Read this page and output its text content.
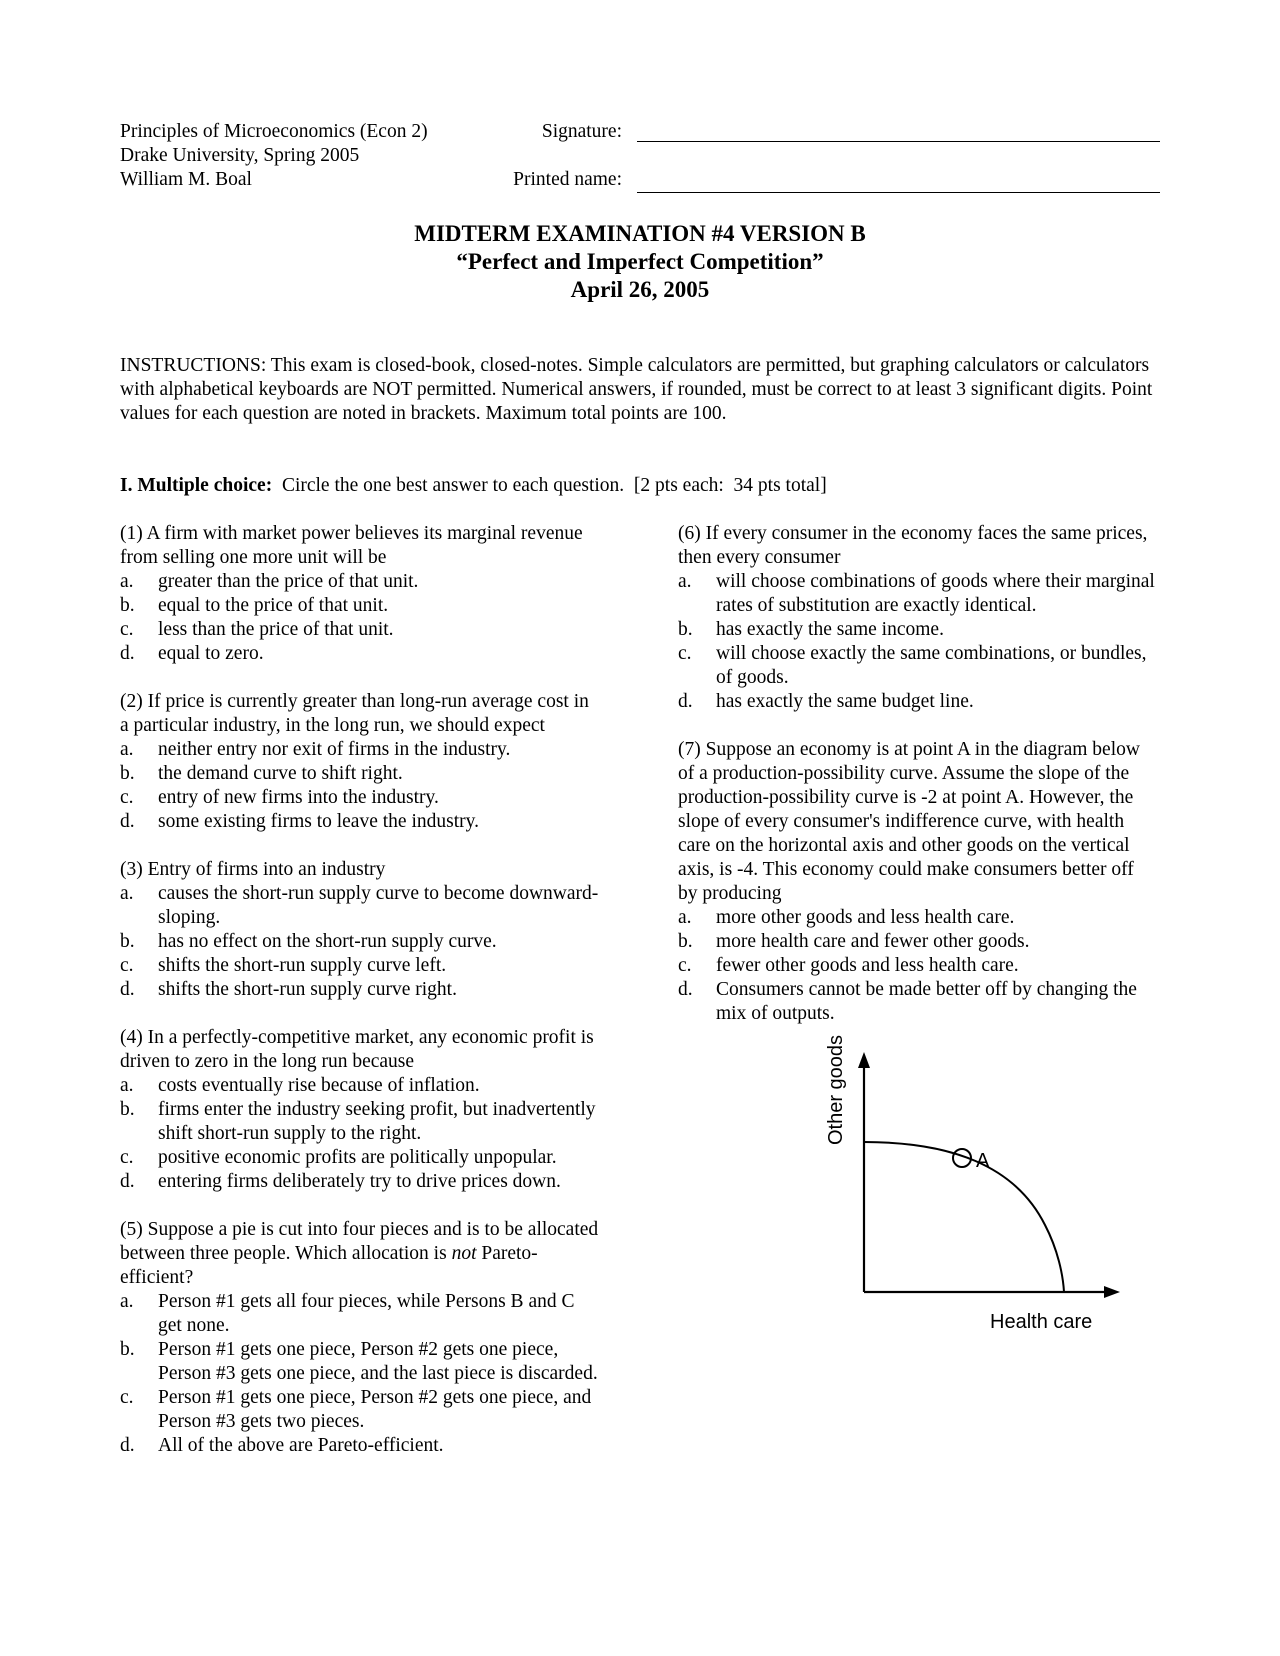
Principles of Microeconomics (Econ 2)
Drake University, Spring 2005
William M. Boal
Signature:
Printed name:
MIDTERM EXAMINATION #4 VERSION B
“Perfect and Imperfect Competition”
April 26, 2005
INSTRUCTIONS: This exam is closed-book, closed-notes. Simple calculators are permitted, but graphing calculators or calculators with alphabetical keyboards are NOT permitted. Numerical answers, if rounded, must be correct to at least 3 significant digits. Point values for each question are noted in brackets. Maximum total points are 100.
I. Multiple choice:  Circle the one best answer to each question.  [2 pts each:  34 pts total]
(1) A firm with market power believes its marginal revenue from selling one more unit will be
a.	greater than the price of that unit.
b.	equal to the price of that unit.
c.	less than the price of that unit.
d.	equal to zero.
(2) If price is currently greater than long-run average cost in a particular industry, in the long run, we should expect
a.	neither entry nor exit of firms in the industry.
b.	the demand curve to shift right.
c.	entry of new firms into the industry.
d.	some existing firms to leave the industry.
(3) Entry of firms into an industry
a.	causes the short-run supply curve to become downward-sloping.
b.	has no effect on the short-run supply curve.
c.	shifts the short-run supply curve left.
d.	shifts the short-run supply curve right.
(4) In a perfectly-competitive market, any economic profit is driven to zero in the long run because
a.	costs eventually rise because of inflation.
b.	firms enter the industry seeking profit, but inadvertently shift short-run supply to the right.
c.	positive economic profits are politically unpopular.
d.	entering firms deliberately try to drive prices down.
(5) Suppose a pie is cut into four pieces and is to be allocated between three people. Which allocation is not Pareto-efficient?
a.	Person #1 gets all four pieces, while Persons B and C get none.
b.	Person #1 gets one piece, Person #2 gets one piece, Person #3 gets one piece, and the last piece is discarded.
c.	Person #1 gets one piece, Person #2 gets one piece, and Person #3 gets two pieces.
d.	All of the above are Pareto-efficient.
(6) If every consumer in the economy faces the same prices, then every consumer
a.	will choose combinations of goods where their marginal rates of substitution are exactly identical.
b.	has exactly the same income.
c.	will choose exactly the same combinations, or bundles, of goods.
d.	has exactly the same budget line.
(7) Suppose an economy is at point A in the diagram below of a production-possibility curve. Assume the slope of the production-possibility curve is -2 at point A. However, the slope of every consumer's indifference curve, with health care on the horizontal axis and other goods on the vertical axis, is -4. This economy could make consumers better off by producing
a.	more other goods and less health care.
b.	more health care and fewer other goods.
c.	fewer other goods and less health care.
d.	Consumers cannot be made better off by changing the mix of outputs.
Other goods
A
Health care
